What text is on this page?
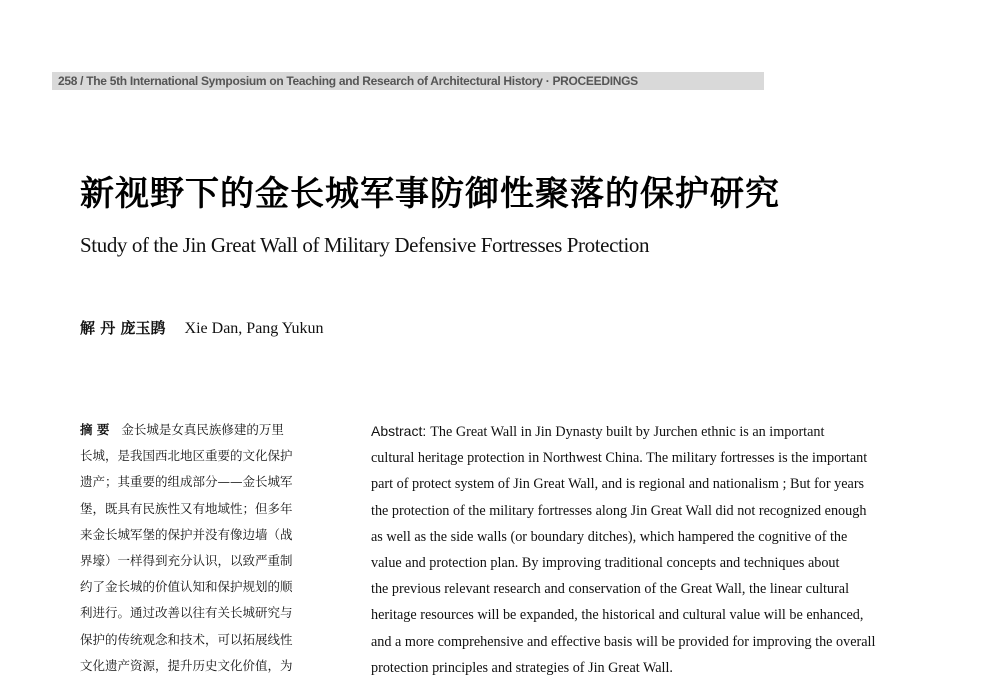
258 / The 5th International Symposium on Teaching and Research of Architectural History · PROCEEDINGS
新视野下的金长城军事防御性聚落的保护研究
Study of the Jin Great Wall of Military Defensive Fortresses Protection
解 丹 庞玉鹍 Xie Dan, Pang Yukun
摘 要 金长城是女真民族修建的万里
长城，是我国西北地区重要的文化保护
遗产；其重要的组成部分——金长城军
堡，既具有民族性又有地域性；但多年
来金长城军堡的保护并没有像边墙（战
界壕）一样得到充分认识，以致严重制
约了金长城的价值认知和保护规划的顺
利进行。通过改善以往有关长城研究与
保护的传统观念和技术，可以拓展线性
文化遗产资源，提升历史文化价值，为
Abstract: The Great Wall in Jin Dynasty built by Jurchen ethnic is an important
cultural heritage protection in Northwest China. The military fortresses is the important
part of protect system of Jin Great Wall, and is regional and nationalism ; But for years
the protection of the military fortresses along Jin Great Wall did not recognized enough
as well as the side walls (or boundary ditches), which hampered the cognitive of the
value and protection plan. By improving traditional concepts and techniques about
the previous relevant research and conservation of the Great Wall, the linear cultural
heritage resources will be expanded, the historical and cultural value will be enhanced,
and a more comprehensive and effective basis will be provided for improving the overall
protection principles and strategies of Jin Great Wall.
